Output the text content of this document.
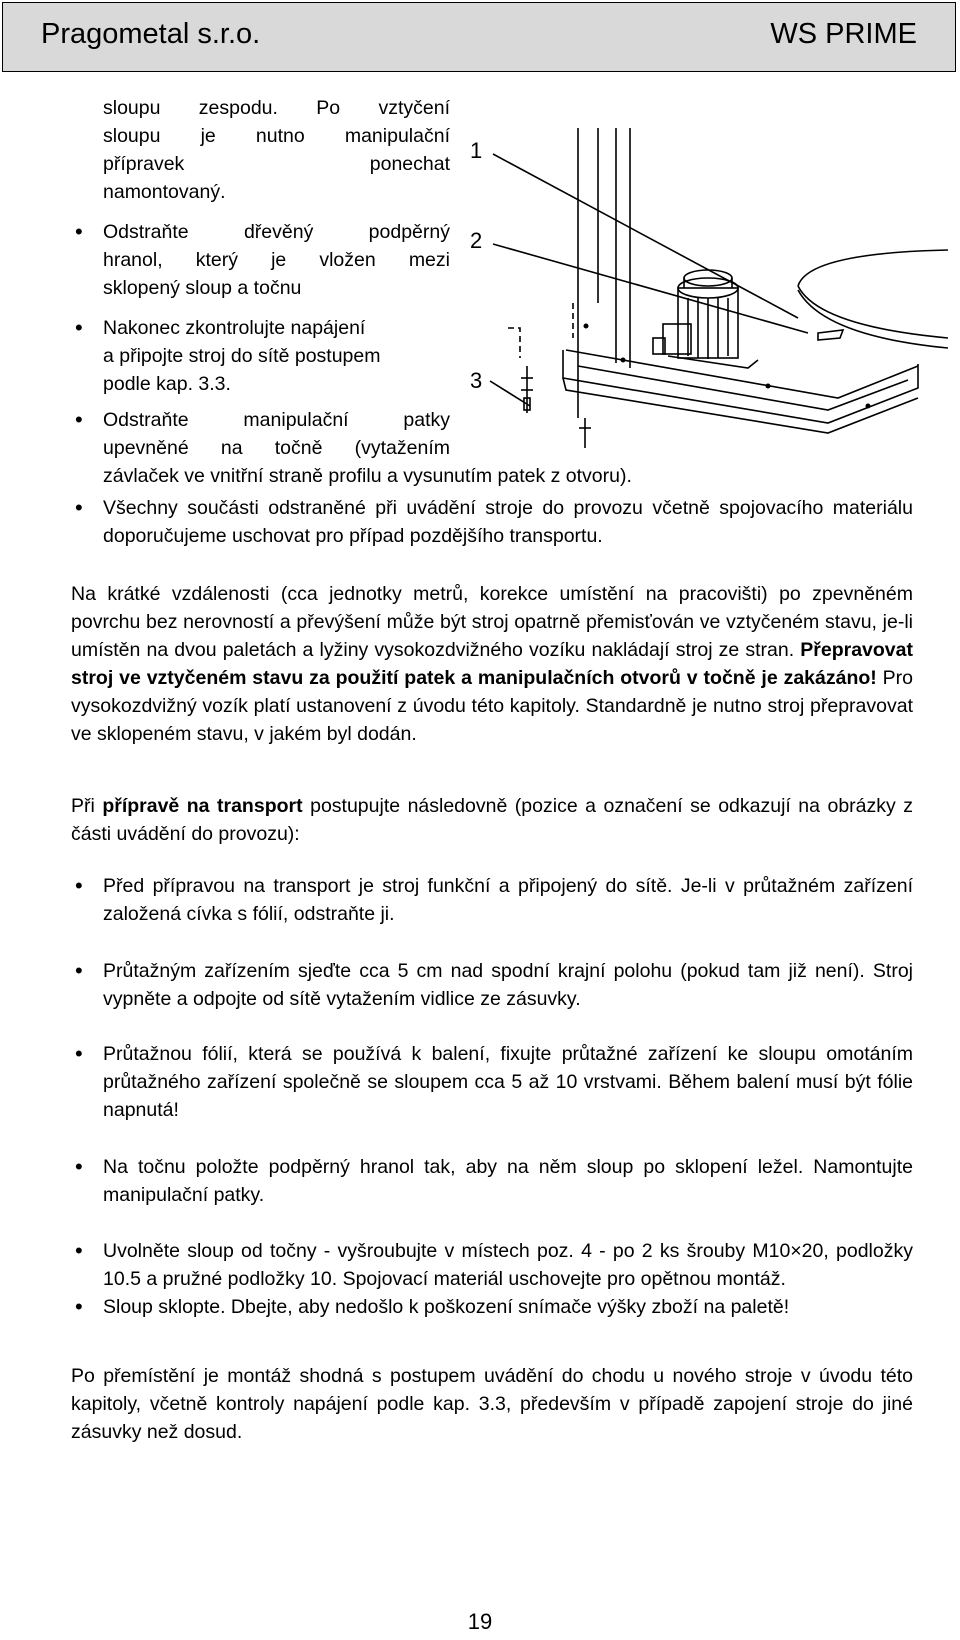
Pragometal s.r.o.	WS PRIME

sloupu zespodu. Po vztyčení

sloupu je nutno manipulační

přípravek ponechat

namontovaný.

• Odstraňte dřevěný podpěrný

hranol, který je vložen mezi

sklopený sloup a točnu

• Nakonec zkontrolujte napájení

a připojte stroj do sítě postupem

podle kap. 3.3.

• Odstraňte manipulační patky

upevněné na točně (vytažením

závlaček ve vnitřní straně profilu a vysunutím patek z otvoru).

1
2
3

• Všechny součásti odstraněné při uvádění stroje do provozu včetně spojovacího materiálu doporučujeme uschovat pro případ pozdějšího transportu.

Na krátké vzdálenosti (cca jednotky metrů, korekce umístění na pracovišti) po zpevněném povrchu bez nerovností a převýšení může být stroj opatrně přemisťován ve vztyčeném stavu, je-li umístěn na dvou paletách a lyžiny vysokozdvižného vozíku nakládají stroj ze stran. Přepravovat stroj ve vztyčeném stavu za použití patek a manipulačních otvorů v točně je zakázáno! Pro vysokozdvižný vozík platí ustanovení z úvodu této kapitoly. Standardně je nutno stroj přepravovat ve sklopeném stavu, v jakém byl dodán.

Při přípravě na transport postupujte následovně (pozice a označení se odkazují na obrázky z části uvádění do provozu):

• Před přípravou na transport je stroj funkční a připojený do sítě. Je-li v průtažném zařízení založená cívka s fólií, odstraňte ji.

• Průtažným zařízením sjeďte cca 5 cm nad spodní krajní polohu (pokud tam již není). Stroj vypněte a odpojte od sítě vytažením vidlice ze zásuvky.

• Průtažnou fólií, která se používá k balení, fixujte průtažné zařízení ke sloupu omotáním průtažného zařízení společně se sloupem cca 5 až 10 vrstvami. Během balení musí být fólie napnutá!

• Na točnu položte podpěrný hranol tak, aby na něm sloup po sklopení ležel. Namontujte manipulační patky.

• Uvolněte sloup od točny - vyšroubujte v místech poz. 4 - po 2 ks šrouby M10×20, podložky 10.5 a pružné podložky 10. Spojovací materiál uschovejte pro opětnou montáž.

• Sloup sklopte. Dbejte, aby nedošlo k poškození snímače výšky zboží na paletě!

Po přemístění je montáž shodná s postupem uvádění do chodu u nového stroje v úvodu této kapitoly, včetně kontroly napájení podle kap. 3.3, především v případě zapojení stroje do jiné zásuvky než dosud.

19
